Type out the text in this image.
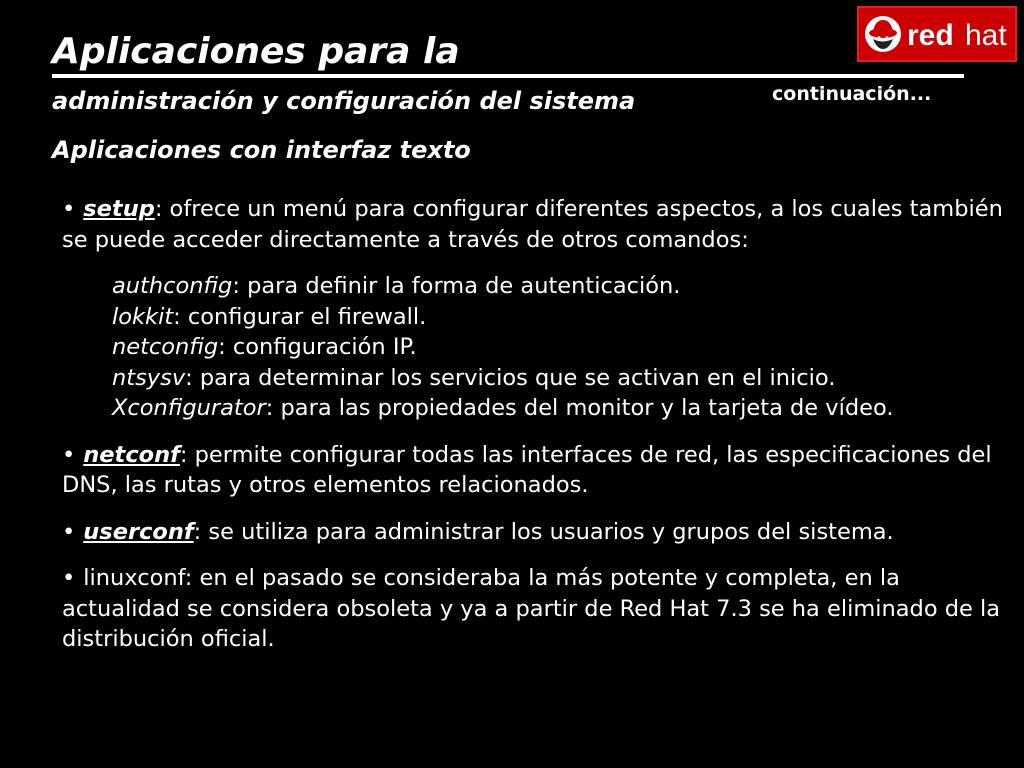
Aplicaciones para la
administración y configuración del sistema	continuación...
Aplicaciones con interfaz texto
red hat

• setup: ofrece un menú para configurar diferentes aspectos, a los cuales también se puede acceder directamente a través de otros comandos:

authconfig: para definir la forma de autenticación.
lokkit: configurar el firewall.
netconfig: configuración IP.
ntsysv: para determinar los servicios que se activan en el inicio.
Xconfigurator: para las propiedades del monitor y la tarjeta de vídeo.

• netconf: permite configurar todas las interfaces de red, las especificaciones del DNS, las rutas y otros elementos relacionados.

• userconf: se utiliza para administrar los usuarios y grupos del sistema.

• linuxconf: en el pasado se consideraba la más potente y completa, en la actualidad se considera obsoleta y ya a partir de Red Hat 7.3 se ha eliminado de la distribución oficial.
